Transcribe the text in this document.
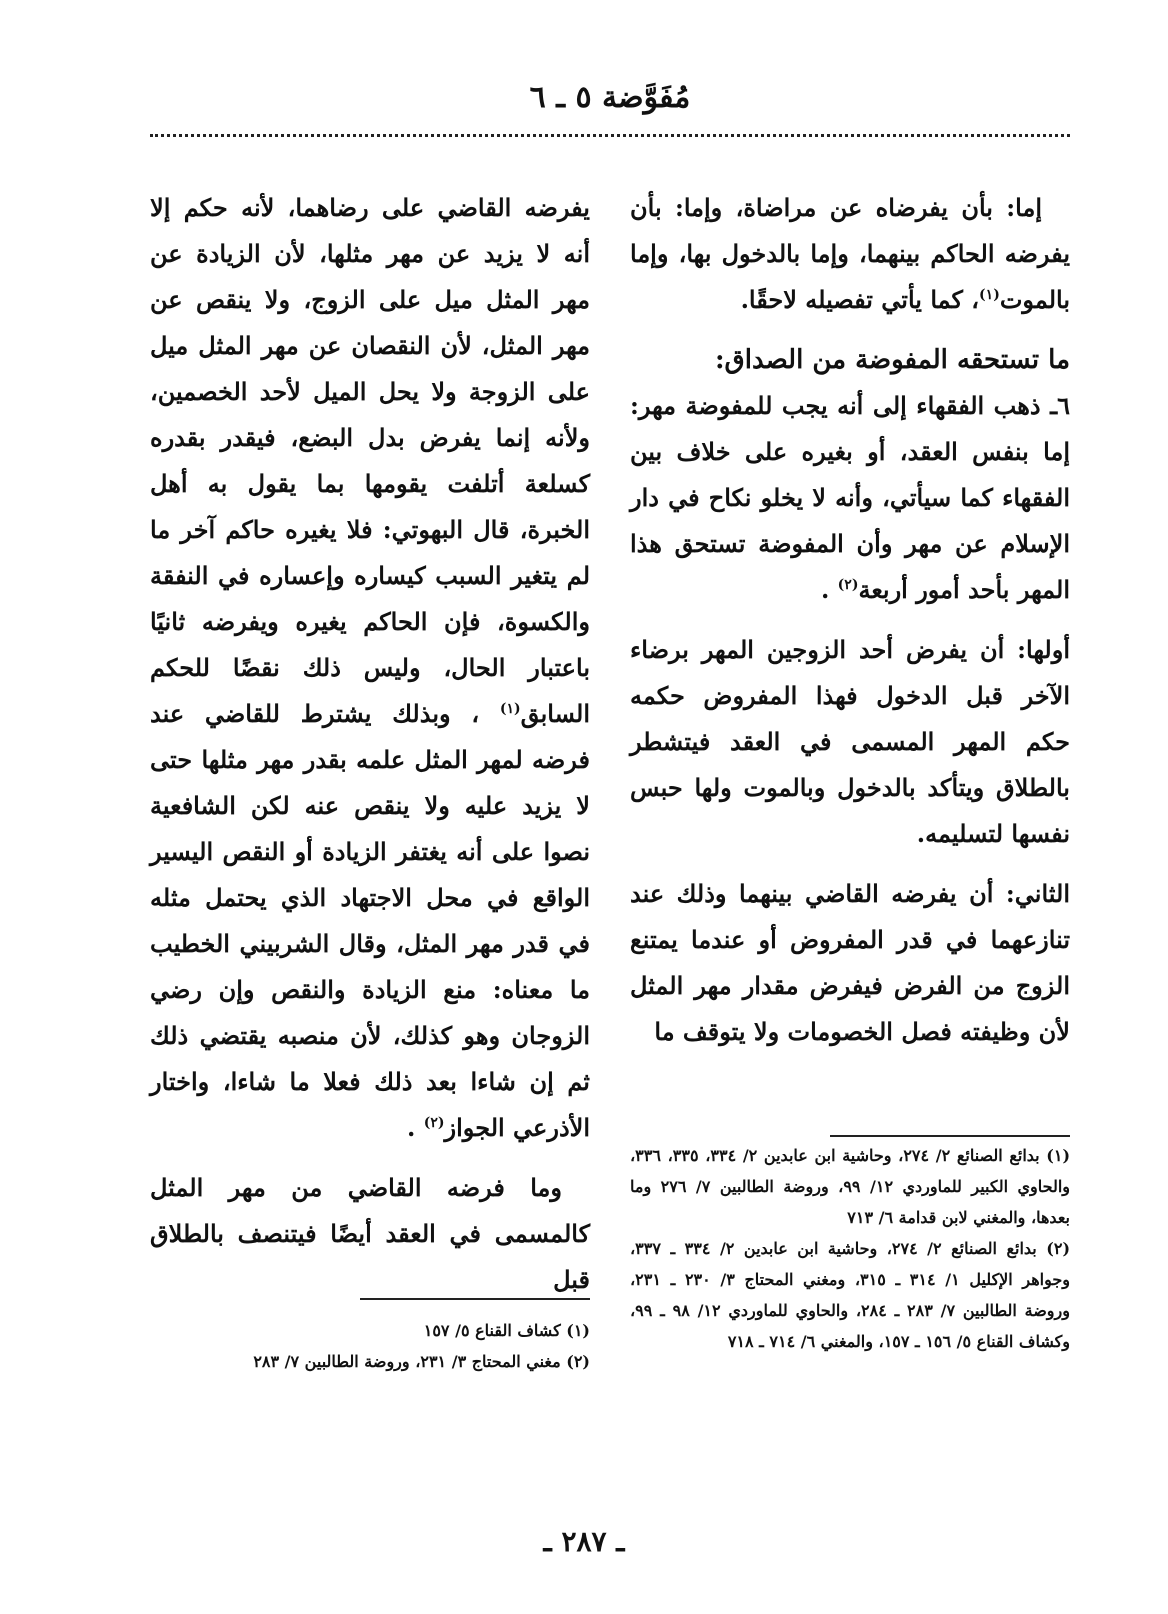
مُفَوَّضة ٥ ـ ٦

إما: بأن يفرضاه عن مراضاة، وإما: بأن يفرضه الحاكم بينهما، وإما بالدخول بها، وإما بالموت$^{(١)}$، كما يأتي تفصيله لاحقًا.

ما تستحقه المفوضة من الصداق:

٦ـ ذهب الفقهاء إلى أنه يجب للمفوضة مهر: إما بنفس العقد، أو بغيره على خلاف بين الفقهاء كما سيأتي، وأنه لا يخلو نكاح في دار الإسلام عن مهر وأن المفوضة تستحق هذا المهر بأحد أمور أربعة$^{(٢)}$ .

أولها: أن يفرض أحد الزوجين المهر برضاء الآخر قبل الدخول فهذا المفروض حكمه حكم المهر المسمى في العقد فيتشطر بالطلاق ويتأكد بالدخول وبالموت ولها حبس نفسها لتسليمه.

الثاني: أن يفرضه القاضي بينهما وذلك عند تنازعهما في قدر المفروض أو عندما يمتنع الزوج من الفرض فيفرض مقدار مهر المثل لأن وظيفته فصل الخصومات ولا يتوقف ما

(١) بدائع الصنائع ٢/ ٢٧٤، وحاشية ابن عابدين ٢/ ٣٣٤، ٣٣٥، ٣٣٦، والحاوي الكبير للماوردي ١٢/ ٩٩، وروضة الطالبين ٧/ ٢٧٦ وما بعدها، والمغني لابن قدامة ٦/ ٧١٣
(٢) بدائع الصنائع ٢/ ٢٧٤، وحاشية ابن عابدين ٢/ ٣٣٤ ـ ٣٣٧، وجواهر الإكليل ١/ ٣١٤ ـ ٣١٥، ومغني المحتاج ٣/ ٢٣٠ ـ ٢٣١، وروضة الطالبين ٧/ ٢٨٣ ـ ٢٨٤، والحاوي للماوردي ١٢/ ٩٨ ـ ٩٩، وكشاف القناع ٥/ ١٥٦ ـ ١٥٧، والمغني ٦/ ٧١٤ ـ ٧١٨

يفرضه القاضي على رضاهما، لأنه حكم إلا أنه لا يزيد عن مهر مثلها، لأن الزيادة عن مهر المثل ميل على الزوج، ولا ينقص عن مهر المثل، لأن النقصان عن مهر المثل ميل على الزوجة ولا يحل الميل لأحد الخصمين، ولأنه إنما يفرض بدل البضع، فيقدر بقدره كسلعة أتلفت يقومها بما يقول به أهل الخبرة، قال البهوتي: فلا يغيره حاكم آخر ما لم يتغير السبب كيساره وإعساره في النفقة والكسوة، فإن الحاكم يغيره ويفرضه ثانيًا باعتبار الحال، وليس ذلك نقضًا للحكم السابق$^{(١)}$ ، وبذلك يشترط للقاضي عند فرضه لمهر المثل علمه بقدر مهر مثلها حتى لا يزيد عليه ولا ينقص عنه لكن الشافعية نصوا على أنه يغتفر الزيادة أو النقص اليسير الواقع في محل الاجتهاد الذي يحتمل مثله في قدر مهر المثل، وقال الشربيني الخطيب ما معناه: منع الزيادة والنقص وإن رضي الزوجان وهو كذلك، لأن منصبه يقتضي ذلك ثم إن شاءا بعد ذلك فعلا ما شاءا، واختار الأذرعي الجواز$^{(٢)}$ .

وما فرضه القاضي من مهر المثل كالمسمى في العقد أيضًا فيتنصف بالطلاق قبل

(١) كشاف القناع ٥/ ١٥٧
(٢) مغني المحتاج ٣/ ٢٣١، وروضة الطالبين ٧/ ٢٨٣
ـ ٢٨٧ ـ
